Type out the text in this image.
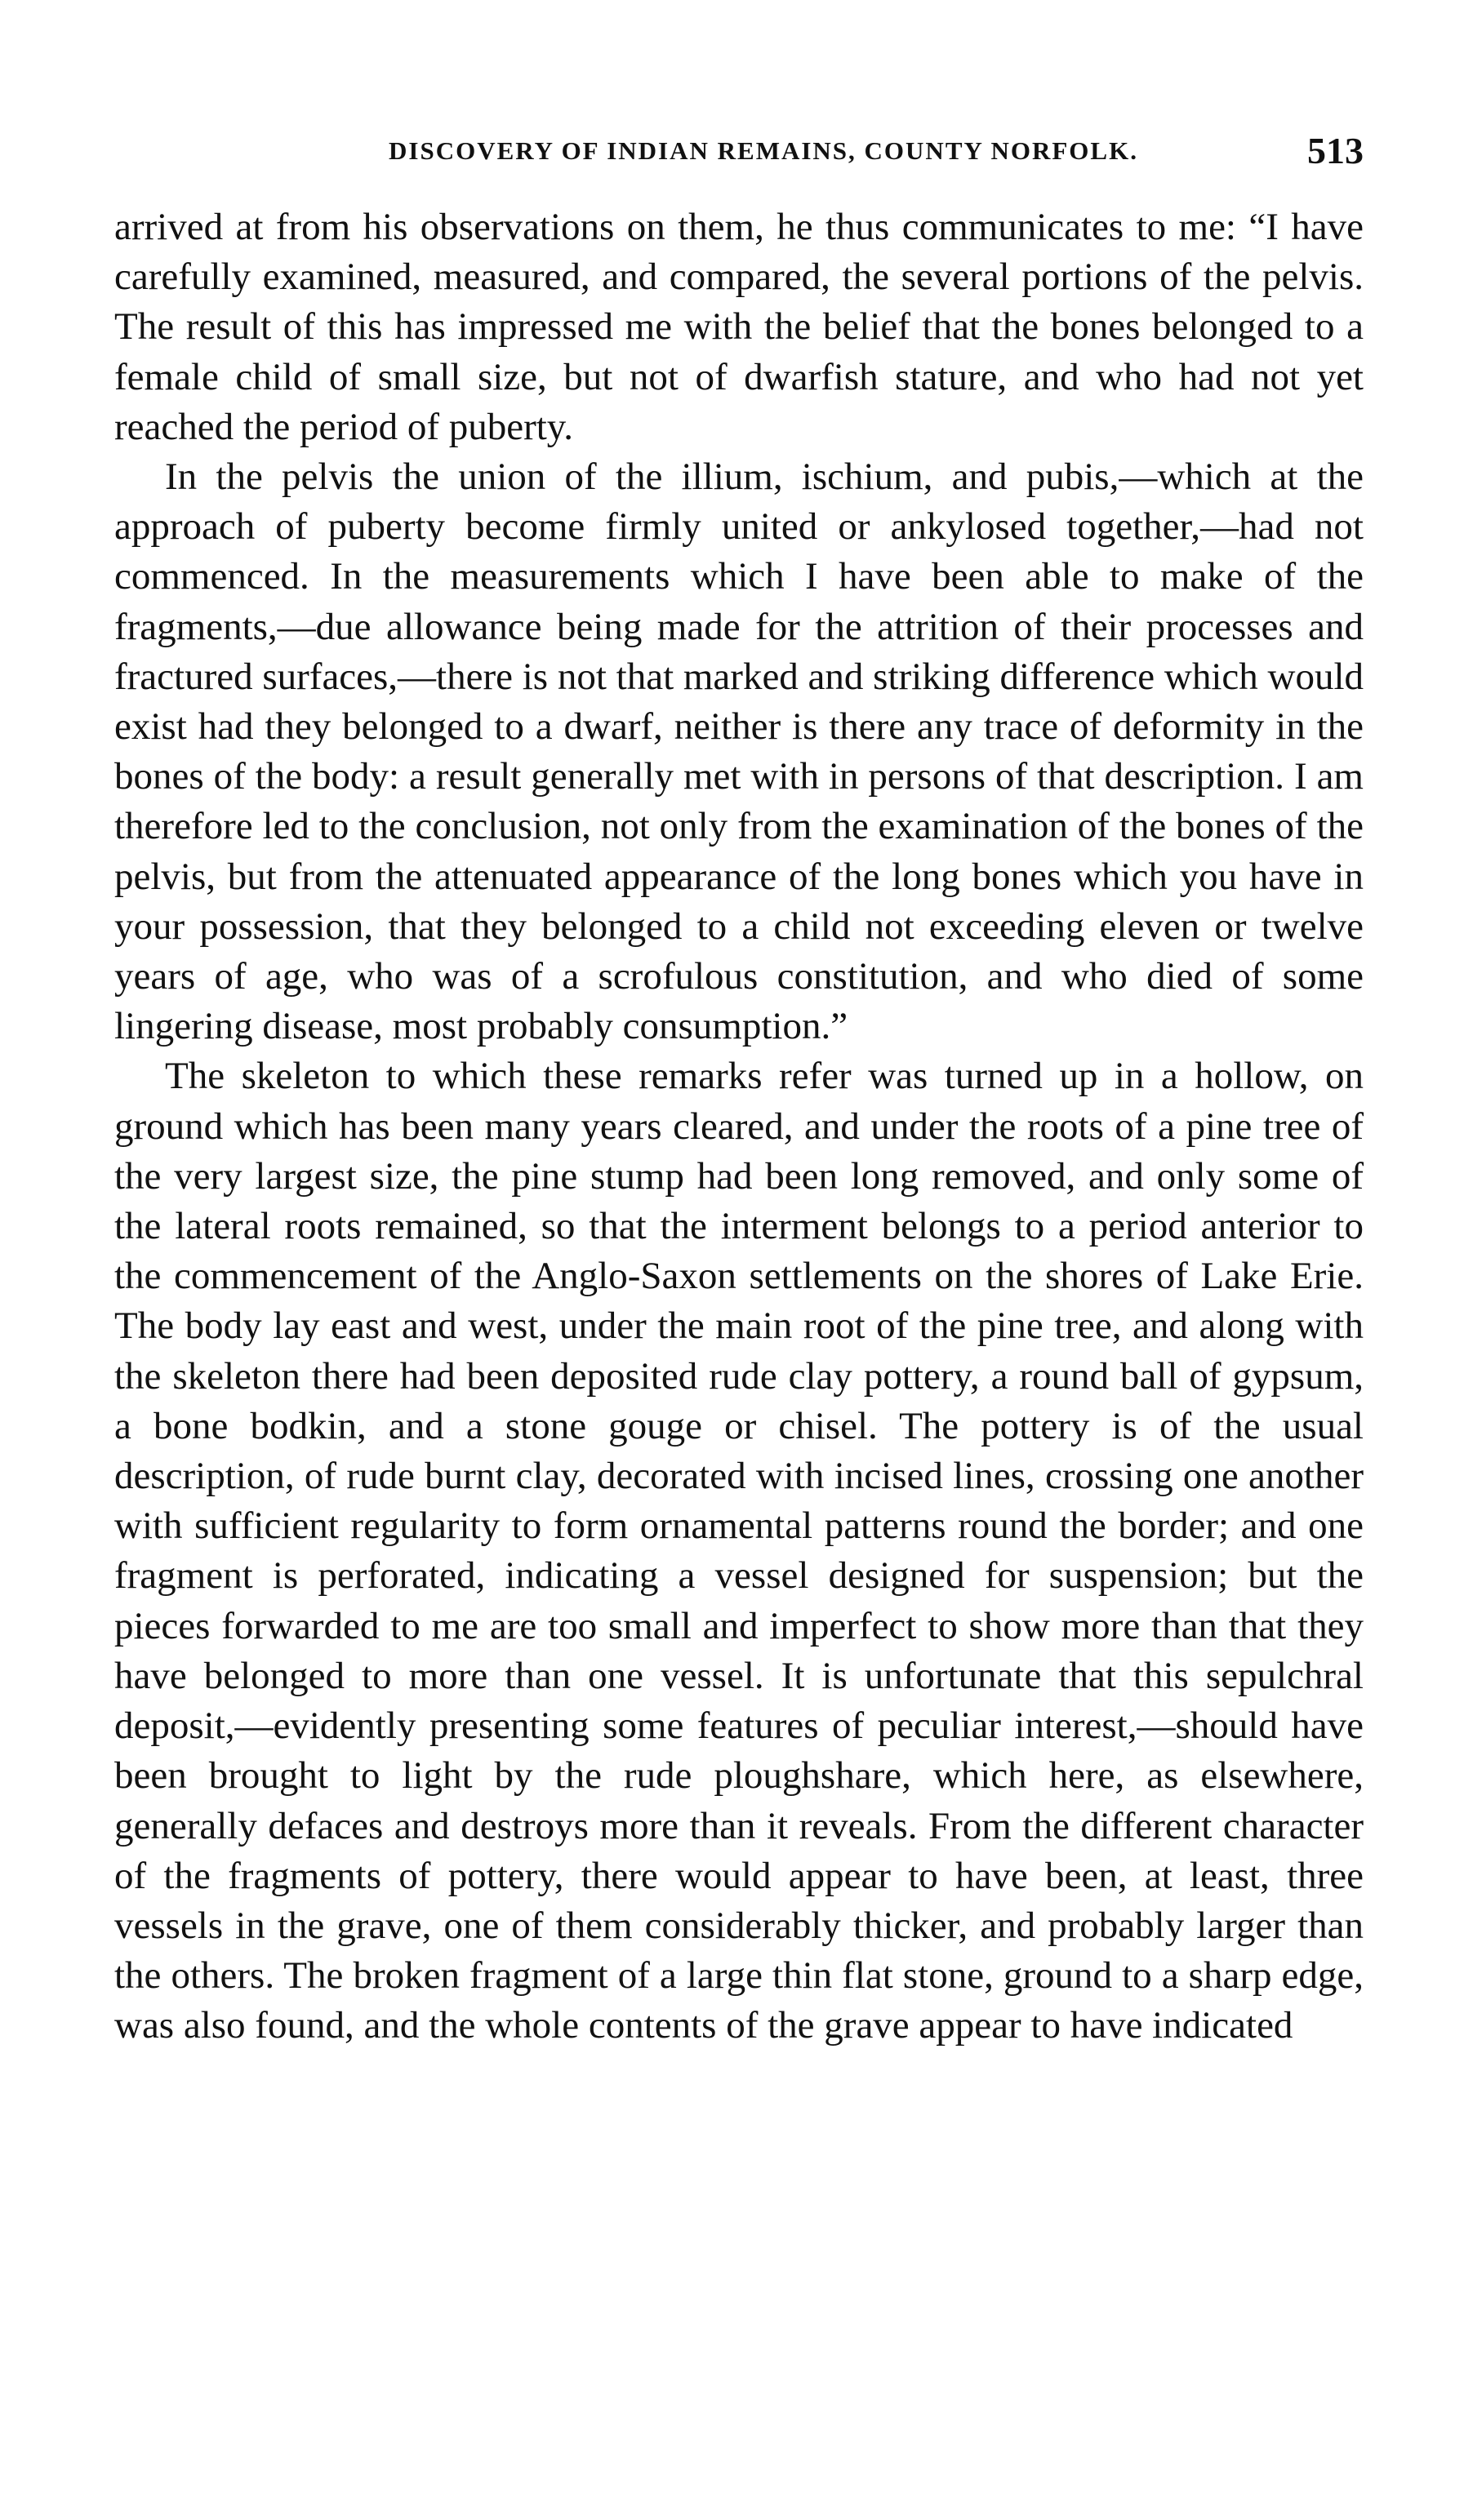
DISCOVERY OF INDIAN REMAINS, COUNTY NORFOLK.	513

arrived at from his observations on them, he thus communicates to me: “I have carefully examined, measured, and compared, the several portions of the pelvis. The result of this has impressed me with the belief that the bones belonged to a female child of small size, but not of dwarfish stature, and who had not yet reached the period of puberty.

In the pelvis the union of the illium, ischium, and pubis,—which at the approach of puberty become firmly united or ankylosed together,—had not commenced. In the measurements which I have been able to make of the fragments,—due allowance being made for the attrition of their processes and fractured surfaces,—there is not that marked and striking difference which would exist had they belonged to a dwarf, neither is there any trace of deformity in the bones of the body: a result generally met with in persons of that description. I am therefore led to the conclusion, not only from the examination of the bones of the pelvis, but from the attenuated appearance of the long bones which you have in your possession, that they belonged to a child not exceeding eleven or twelve years of age, who was of a scrofulous constitution, and who died of some lingering disease, most probably consumption.”

The skeleton to which these remarks refer was turned up in a hollow, on ground which has been many years cleared, and under the roots of a pine tree of the very largest size, the pine stump had been long removed, and only some of the lateral roots remained, so that the interment belongs to a period anterior to the commencement of the Anglo-Saxon settlements on the shores of Lake Erie. The body lay east and west, under the main root of the pine tree, and along with the skeleton there had been deposited rude clay pottery, a round ball of gypsum, a bone bodkin, and a stone gouge or chisel. The pottery is of the usual description, of rude burnt clay, decorated with incised lines, crossing one another with sufficient regularity to form ornamental patterns round the border; and one fragment is perforated, indicating a vessel designed for suspension; but the pieces forwarded to me are too small and imperfect to show more than that they have belonged to more than one vessel. It is unfortunate that this sepulchral deposit,—evidently presenting some features of peculiar interest,—should have been brought to light by the rude ploughshare, which here, as elsewhere, generally defaces and destroys more than it reveals. From the different character of the fragments of pottery, there would appear to have been, at least, three vessels in the grave, one of them considerably thicker, and probably larger than the others. The broken fragment of a large thin flat stone, ground to a sharp edge, was also found, and the whole contents of the grave appear to have indicated
